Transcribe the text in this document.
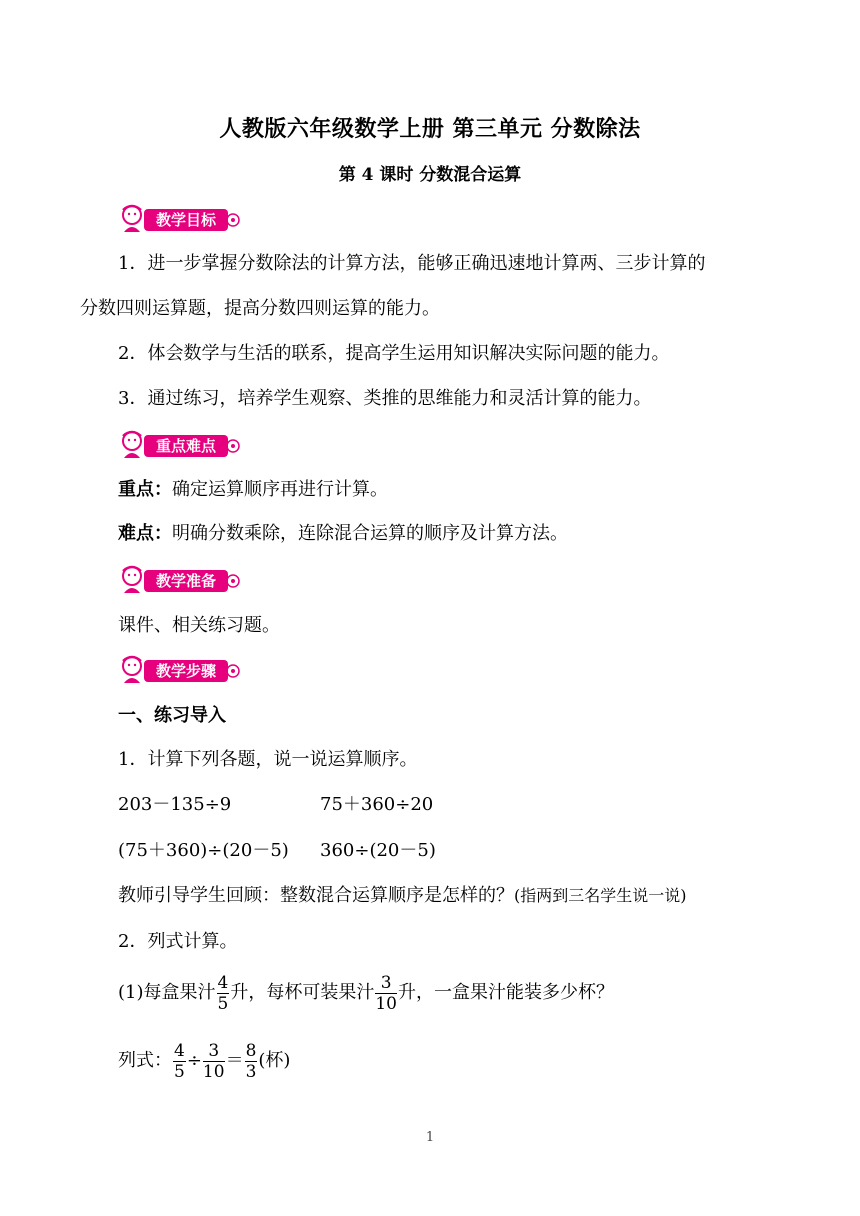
人教版六年级数学上册 第三单元 分数除法
第 4 课时 分数混合运算
教学目标
1．进一步掌握分数除法的计算方法，能够正确迅速地计算两、三步计算的
分数四则运算题，提高分数四则运算的能力。
2．体会数学与生活的联系，提高学生运用知识解决实际问题的能力。
3．通过练习，培养学生观察、类推的思维能力和灵活计算的能力。
重点难点
重点：确定运算顺序再进行计算。
难点：明确分数乘除，连除混合运算的顺序及计算方法。
教学准备
课件、相关练习题。
教学步骤
一、练习导入
1．计算下列各题，说一说运算顺序。
203－135÷9	75＋360÷20
(75＋360)÷(20－5) 360÷(20－5)
教师引导学生回顾：整数混合运算顺序是怎样的？(指两到三名学生说一说)
2．列式计算。
(1)每盒果汁 $\frac{4}{5}$ 升，每杯可装果汁 $\frac{3}{10}$ 升，一盒果汁能装多少杯？
列式： $\frac{4}{5} \div \frac{3}{10} = \frac{8}{3}$ (杯)
1
